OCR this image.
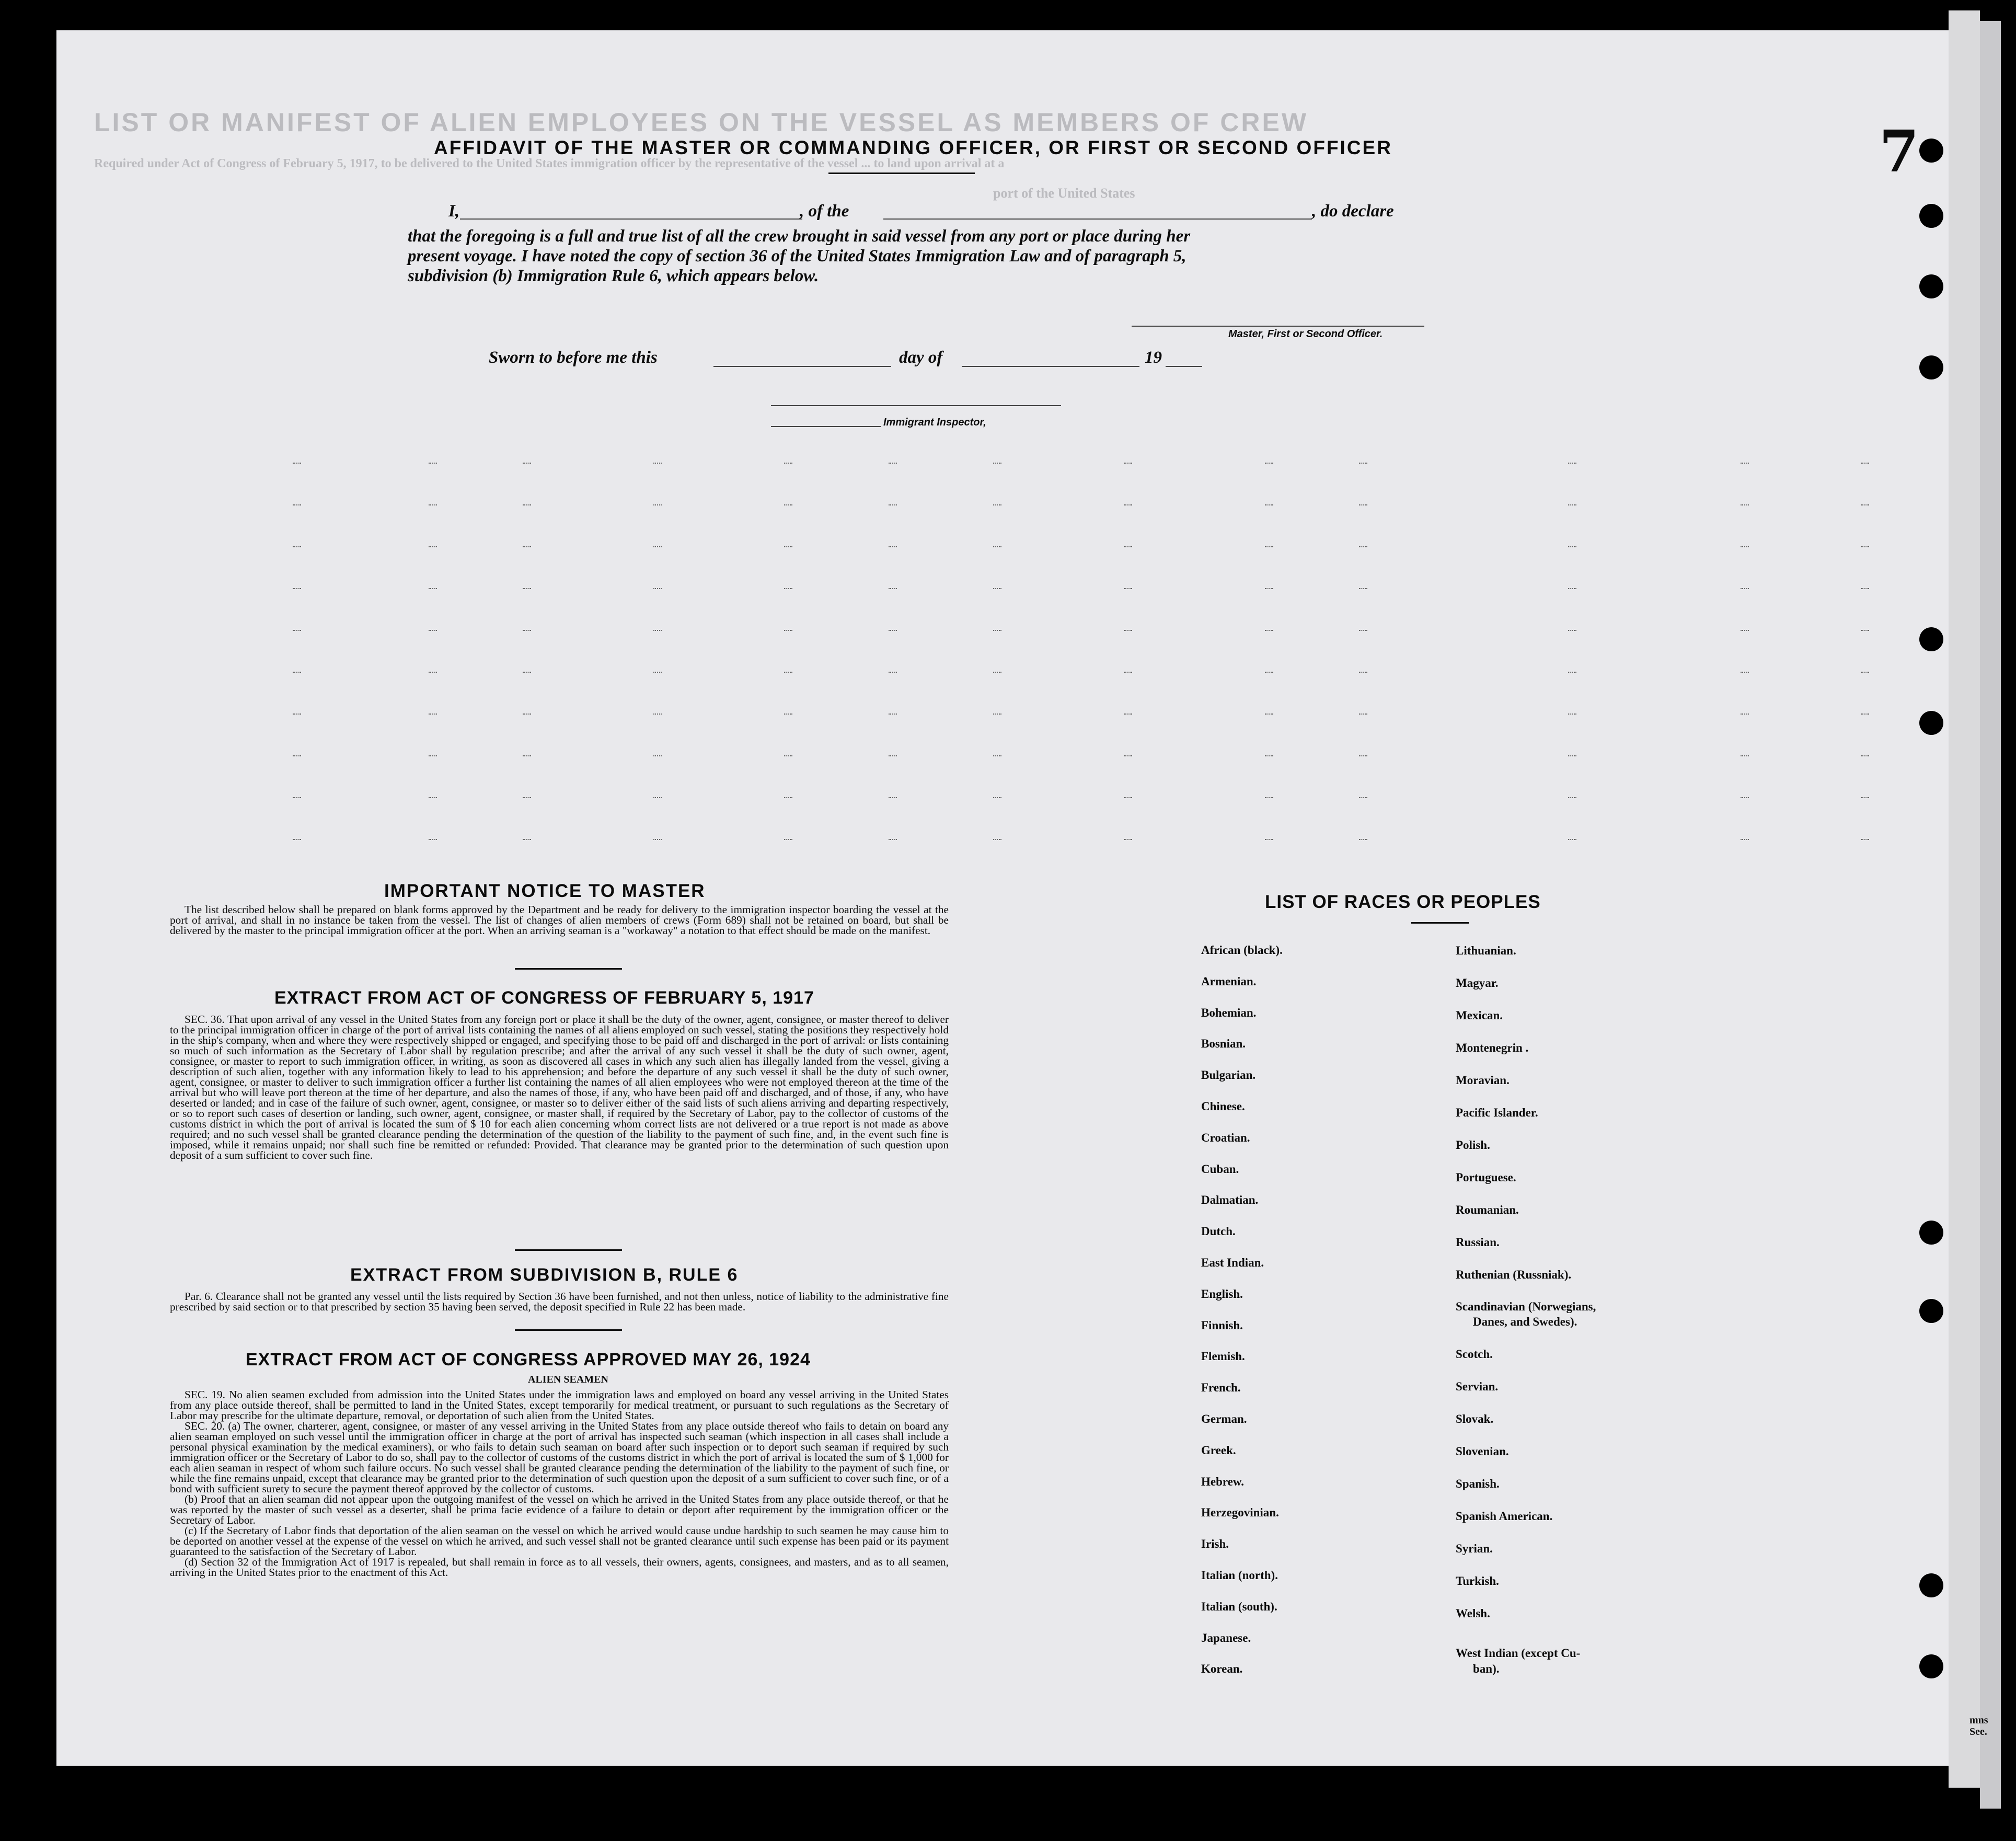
LIST OR MANIFEST OF ALIEN EMPLOYEES ON THE VESSEL AS MEMBERS OF CREW
Required under Act of Congress of February 5, 1917, to be delivered to the United States immigration officer by the representative of the vessel ... to land upon arrival at a
port of the United States
AFFIDAVIT OF THE MASTER OR COMMANDING OFFICER, OR FIRST OR SECOND OFFICER
I,	, of the	, do declare
that the foregoing is a full and true list of all the crew brought in said vessel from any port or place during her
present voyage. I have noted the copy of section 36 of the United States Immigration Law and of paragraph 5,
subdivision (b) Immigration Rule 6, which appears below.
Master, First or Second Officer.
Sworn to before me this	day of	19
Immigrant Inspector,
IMPORTANT NOTICE TO MASTER

The list described below shall be prepared on blank forms approved by the Department and be ready for delivery to the immigration inspector boarding the vessel at the port of arrival, and shall in no instance be taken from the vessel. The list of changes of alien members of crews (Form 689) shall not be retained on board, but shall be delivered by the master to the principal immigration officer at the port. When an arriving seaman is a "workaway" a notation to that effect should be made on the manifest.

EXTRACT FROM ACT OF CONGRESS OF FEBRUARY 5, 1917

SEC. 36. That upon arrival of any vessel in the United States from any foreign port or place it shall be the duty of the owner, agent, consignee, or master thereof to deliver to the principal immigration officer in charge of the port of arrival lists containing the names of all aliens employed on such vessel, stating the positions they respectively hold in the ship's company, when and where they were respectively shipped or engaged, and specifying those to be paid off and discharged in the port of arrival: or lists containing so much of such information as the Secretary of Labor shall by regulation prescribe; and after the arrival of any such vessel it shall be the duty of such owner, agent, consignee, or master to report to such immigration officer, in writing, as soon as discovered all cases in which any such alien has illegally landed from the vessel, giving a description of such alien, together with any information likely to lead to his apprehension; and before the departure of any such vessel it shall be the duty of such owner, agent, consignee, or master to deliver to such immigration officer a further list containing the names of all alien employees who were not employed thereon at the time of the arrival but who will leave port thereon at the time of her departure, and also the names of those, if any, who have been paid off and discharged, and of those, if any, who have deserted or landed; and in case of the failure of such owner, agent, consignee, or master so to deliver either of the said lists of such aliens arriving and departing respectively, or so to report such cases of desertion or landing, such owner, agent, consignee, or master shall, if required by the Secretary of Labor, pay to the collector of customs of the customs district in which the port of arrival is located the sum of $ 10 for each alien concerning whom correct lists are not delivered or a true report is not made as above required; and no such vessel shall be granted clearance pending the determination of the question of the liability to the payment of such fine, and, in the event such fine is imposed, while it remains unpaid; nor shall such fine be remitted or refunded: Provided. That clearance may be granted prior to the determination of such question upon deposit of a sum sufficient to cover such fine.

EXTRACT FROM SUBDIVISION B, RULE 6

Par. 6. Clearance shall not be granted any vessel until the lists required by Section 36 have been furnished, and not then unless, notice of liability to the administrative fine prescribed by said section or to that prescribed by section 35 having been served, the deposit specified in Rule 22 has been made.

EXTRACT FROM ACT OF CONGRESS APPROVED MAY 26, 1924
ALIEN SEAMEN

SEC. 19. No alien seamen excluded from admission into the United States under the immigration laws and employed on board any vessel arriving in the United States from any place outside thereof, shall be permitted to land in the United States, except temporarily for medical treatment, or pursuant to such regulations as the Secretary of Labor may prescribe for the ultimate departure, removal, or deportation of such alien from the United States.

SEC. 20. (a) The owner, charterer, agent, consignee, or master of any vessel arriving in the United States from any place outside thereof who fails to detain on board any alien seaman employed on such vessel until the immigration officer in charge at the port of arrival has inspected such seaman (which inspection in all cases shall include a personal physical examination by the medical examiners), or who fails to detain such seaman on board after such inspection or to deport such seaman if required by such immigration officer or the Secretary of Labor to do so, shall pay to the collector of customs of the customs district in which the port of arrival is located the sum of $ 1,000 for each alien seaman in respect of whom such failure occurs. No such vessel shall be granted clearance pending the determination of the liability to the payment of such fine, or while the fine remains unpaid, except that clearance may be granted prior to the determination of such question upon the deposit of a sum sufficient to cover such fine, or of a bond with sufficient surety to secure the payment thereof approved by the collector of customs.

(b) Proof that an alien seaman did not appear upon the outgoing manifest of the vessel on which he arrived in the United States from any place outside thereof, or that he was reported by the master of such vessel as a deserter, shall be prima facie evidence of a failure to detain or deport after requirement by the immigration officer or the Secretary of Labor.

(c) If the Secretary of Labor finds that deportation of the alien seaman on the vessel on which he arrived would cause undue hardship to such seamen he may cause him to be deported on another vessel at the expense of the vessel on which he arrived, and such vessel shall not be granted clearance until such expense has been paid or its payment guaranteed to the satisfaction of the Secretary of Labor.

(d) Section 32 of the Immigration Act of 1917 is repealed, but shall remain in force as to all vessels, their owners, agents, consignees, and masters, and as to all seamen, arriving in the United States prior to the enactment of this Act.

LIST OF RACES OR PEOPLES
African (black).
Armenian.
Bohemian.
Bosnian.
Bulgarian.
Chinese.
Croatian.
Cuban.
Dalmatian.
Dutch.
East Indian.
English.
Finnish.
Flemish.
French.
German.
Greek.
Hebrew.
Herzegovinian.
Irish.
Italian (north).
Italian (south).
Japanese.
Korean.
Lithuanian.
Magyar.
Mexican.
Montenegrin .
Moravian.
Pacific Islander.
Polish.
Portuguese.
Roumanian.
Russian.
Ruthenian (Russniak).
Scandinavian (Norwegians,
Danes, and Swedes).
Scotch.
Servian.
Slovak.
Slovenian.
Spanish.
Spanish American.
Syrian.
Turkish.
Welsh.
West Indian (except Cu-
ban).
7
mns
See.
